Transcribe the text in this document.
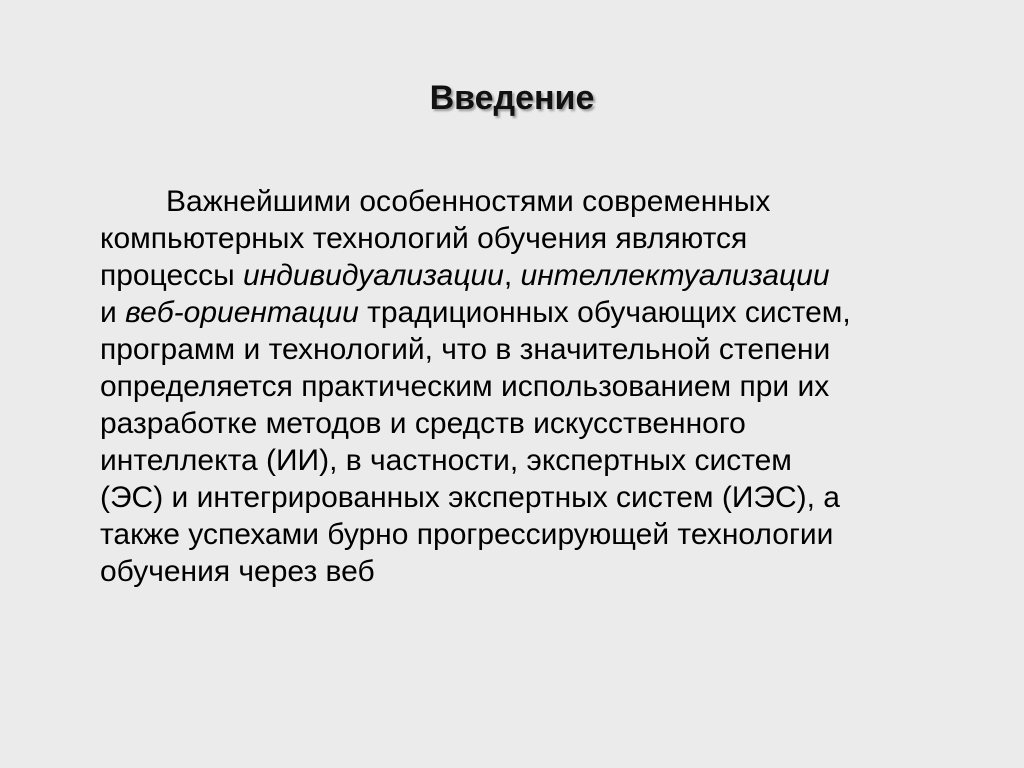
Введение
Важнейшими особенностями современных
компьютерных технологий обучения являются
процессы индивидуализации, интеллектуализации
и веб-ориентации традиционных обучающих систем,
программ и технологий, что в значительной степени
определяется практическим использованием при их
разработке методов и средств искусственного
интеллекта (ИИ), в частности, экспертных систем
(ЭС) и интегрированных экспертных систем (ИЭС), а
также успехами бурно прогрессирующей технологии
обучения через веб
